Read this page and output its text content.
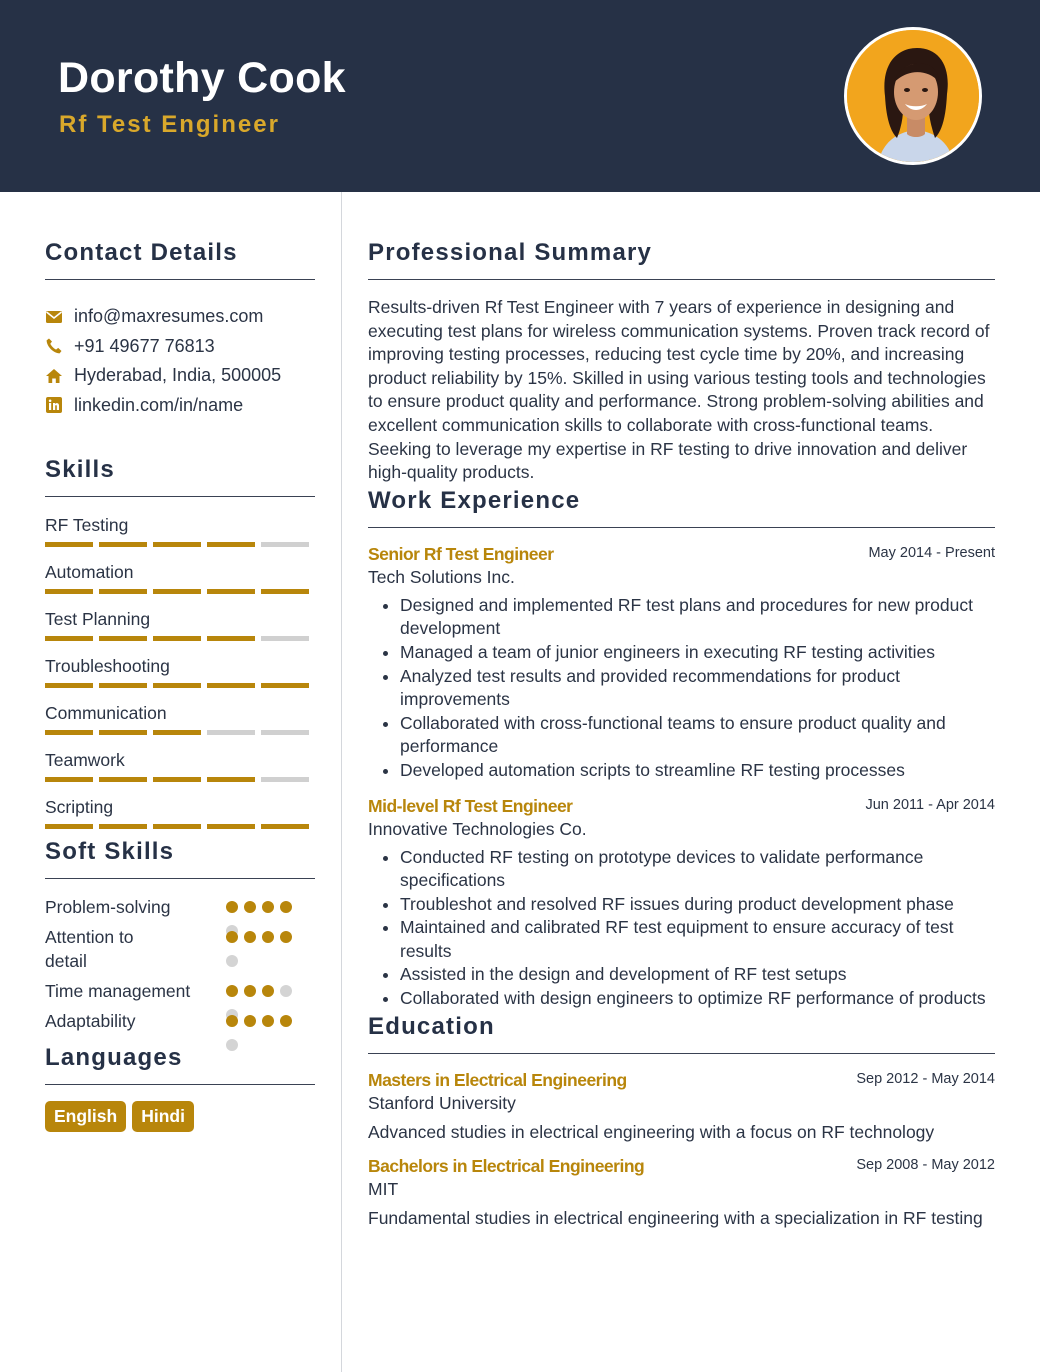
Dorothy Cook
Rf Test Engineer
Contact Details
info@maxresumes.com
+91 49677 76813
Hyderabad, India, 500005
linkedin.com/in/name
Skills
RF Testing
Automation
Test Planning
Troubleshooting
Communication
Teamwork
Scripting
Soft Skills
Problem-solving
Attention to detail
Time management
Adaptability
Languages
English	Hindi
Professional Summary
Results-driven Rf Test Engineer with 7 years of experience in designing and executing test plans for wireless communication systems. Proven track record of improving testing processes, reducing test cycle time by 20%, and increasing product reliability by 15%. Skilled in using various testing tools and technologies to ensure product quality and performance. Strong problem-solving abilities and excellent communication skills to collaborate with cross-functional teams. Seeking to leverage my expertise in RF testing to drive innovation and deliver high-quality products.
Work Experience
Senior Rf Test Engineer	May 2014 - Present
Tech Solutions Inc.
• Designed and implemented RF test plans and procedures for new product development
• Managed a team of junior engineers in executing RF testing activities
• Analyzed test results and provided recommendations for product improvements
• Collaborated with cross-functional teams to ensure product quality and performance
• Developed automation scripts to streamline RF testing processes
Mid-level Rf Test Engineer	Jun 2011 - Apr 2014
Innovative Technologies Co.
• Conducted RF testing on prototype devices to validate performance specifications
• Troubleshot and resolved RF issues during product development phase
• Maintained and calibrated RF test equipment to ensure accuracy of test results
• Assisted in the design and development of RF test setups
• Collaborated with design engineers to optimize RF performance of products
Education
Masters in Electrical Engineering	Sep 2012 - May 2014
Stanford University
Advanced studies in electrical engineering with a focus on RF technology
Bachelors in Electrical Engineering	Sep 2008 - May 2012
MIT
Fundamental studies in electrical engineering with a specialization in RF testing
